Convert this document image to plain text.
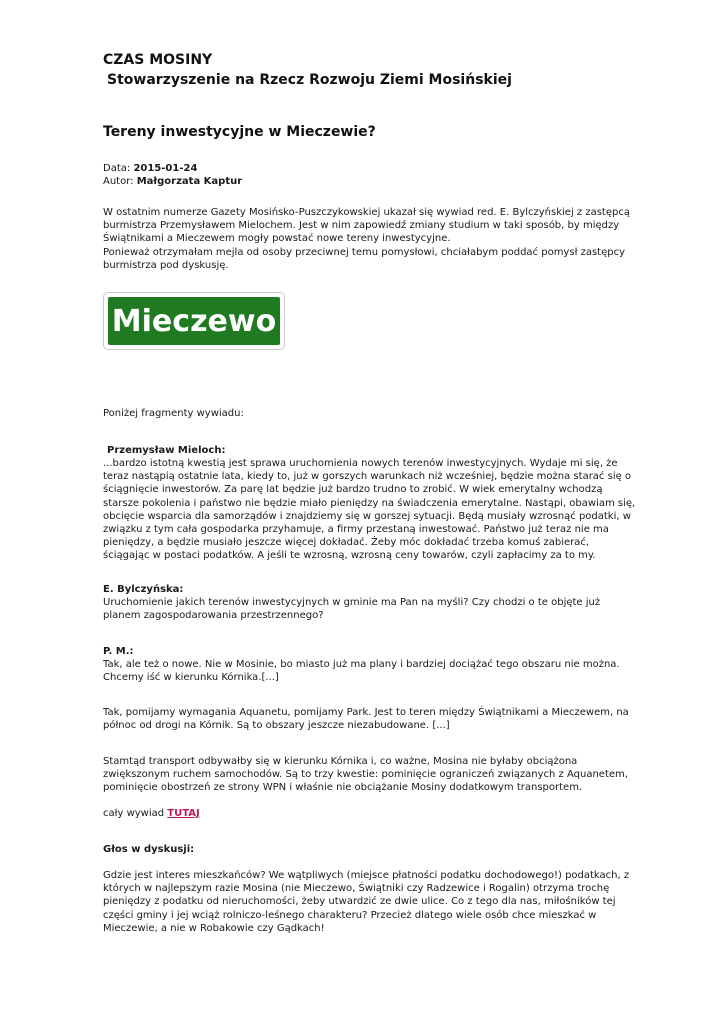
CZAS MOSINY
Stowarzyszenie na Rzecz Rozwoju Ziemi Mosińskiej
Tereny inwestycyjne w Mieczewie?
Data: 2015-01-24
Autor: Małgorzata Kaptur
W ostatnim numerze Gazety Mosińsko-Puszczykowskiej ukazał się wywiad red. E. Bylczyńskiej z zastępcą
burmistrza Przemysławem Mielochem. Jest w nim zapowiedź zmiany studium w taki sposób, by między
Świątnikami a Mieczewem mogły powstać nowe tereny inwestycyjne.
Ponieważ otrzymałam mejla od osoby przeciwnej temu pomysłowi, chciałabym poddać pomysł zastępcy
burmistrza pod dyskusję.
Mieczewo
Poniżej fragmenty wywiadu:
Przemysław Mieloch:
...bardzo istotną kwestią jest sprawa uruchomienia nowych terenów inwestycyjnych. Wydaje mi się, że
teraz nastąpią ostatnie lata, kiedy to, już w gorszych warunkach niż wcześniej, będzie można starać się o
ściągnięcie inwestorów. Za parę lat będzie już bardzo trudno to zrobić. W wiek emerytalny wchodzą
starsze pokolenia i państwo nie będzie miało pieniędzy na świadczenia emerytalne. Nastąpi, obawiam się,
obcięcie wsparcia dla samorządów i znajdziemy się w gorszej sytuacji. Będą musiały wzrosnąć podatki, w
związku z tym cała gospodarka przyhamuje, a firmy przestaną inwestować. Państwo już teraz nie ma
pieniędzy, a będzie musiało jeszcze więcej dokładać. Żeby móc dokładać trzeba komuś zabierać,
ściągając w postaci podatków. A jeśli te wzrosną, wzrosną ceny towarów, czyli zapłacimy za to my.
E. Bylczyńska:
Uruchomienie jakich terenów inwestycyjnych w gminie ma Pan na myśli? Czy chodzi o te objęte już
planem zagospodarowania przestrzennego?
P. M.:
Tak, ale też o nowe. Nie w Mosinie, bo miasto już ma plany i bardziej dociążać tego obszaru nie można.
Chcemy iść w kierunku Kórnika.[...]
Tak, pomijamy wymagania Aquanetu, pomijamy Park. Jest to teren między Świątnikami a Mieczewem, na
północ od drogi na Kórnik. Są to obszary jeszcze niezabudowane. [...]
Stamtąd transport odbywałby się w kierunku Kórnika i, co ważne, Mosina nie byłaby obciążona
zwiększonym ruchem samochodów. Są to trzy kwestie: pominięcie ograniczeń związanych z Aquanetem,
pominięcie obostrzeń ze strony WPN i właśnie nie obciążanie Mosiny dodatkowym transportem.
cały wywiad TUTAJ
Głos w dyskusji:
Gdzie jest interes mieszkańców? We wątpliwych (miejsce płatności podatku dochodowego!) podatkach, z
których w najlepszym razie Mosina (nie Mieczewo, Świątniki czy Radzewice i Rogalin) otrzyma trochę
pieniędzy z podatku od nieruchomości, żeby utwardzić ze dwie ulice. Co z tego dla nas, miłośników tej
części gminy i jej wciąż rolniczo-leśnego charakteru? Przecież dlatego wiele osób chce mieszkać w
Mieczewie, a nie w Robakowie czy Gądkach!
